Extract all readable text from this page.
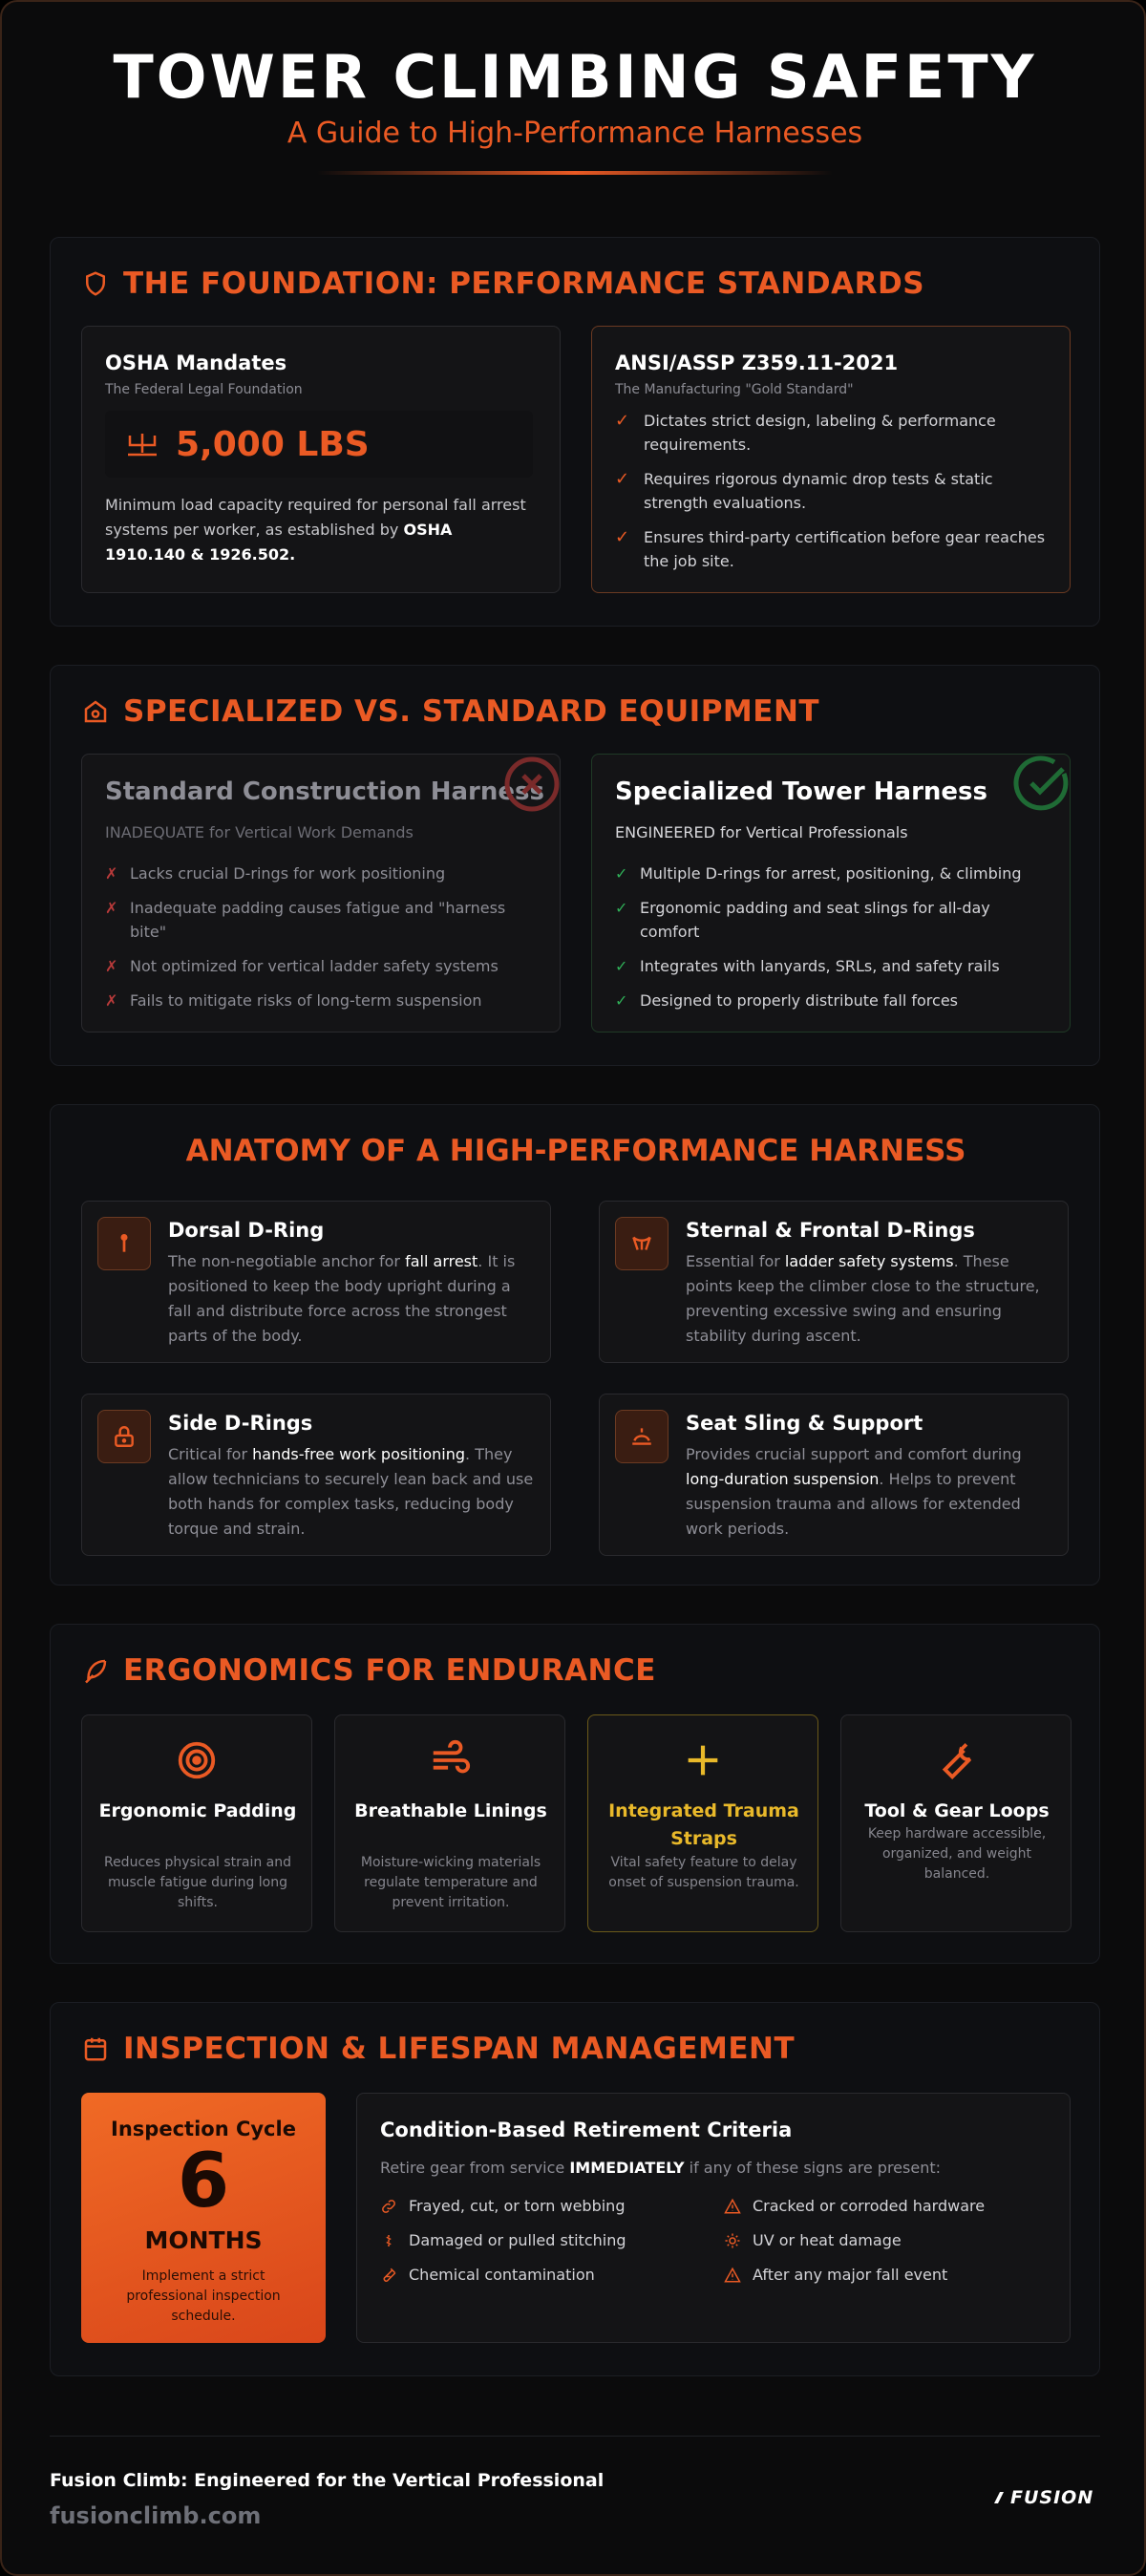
TOWER CLIMBING SAFETY
A Guide to High-Performance Harnesses
THE FOUNDATION: PERFORMANCE STANDARDS
OSHA Mandates
The Federal Legal Foundation
5,000 LBS
Minimum load capacity required for personal fall arrest systems per worker, as established by OSHA 1910.140 & 1926.502.
ANSI/ASSP Z359.11-2021
The Manufacturing "Gold Standard"
✓ Dictates strict design, labeling & performance requirements.
✓ Requires rigorous dynamic drop tests & static strength evaluations.
✓ Ensures third-party certification before gear reaches the job site.
SPECIALIZED VS. STANDARD EQUIPMENT
Standard Construction Harness
INADEQUATE for Vertical Work Demands
✗ Lacks crucial D-rings for work positioning
✗ Inadequate padding causes fatigue and "harness bite"
✗ Not optimized for vertical ladder safety systems
✗ Fails to mitigate risks of long-term suspension
Specialized Tower Harness
ENGINEERED for Vertical Professionals
✓ Multiple D-rings for arrest, positioning, & climbing
✓ Ergonomic padding and seat slings for all-day comfort
✓ Integrates with lanyards, SRLs, and safety rails
✓ Designed to properly distribute fall forces
ANATOMY OF A HIGH-PERFORMANCE HARNESS
Dorsal D-Ring

The non-negotiable anchor for fall arrest. It is positioned to keep the body upright during a fall and distribute force across the strongest parts of the body.

Sternal & Frontal D-Rings

Essential for ladder safety systems. These points keep the climber close to the structure, preventing excessive swing and ensuring stability during ascent.

Side D-Rings

Critical for hands-free work positioning. They allow technicians to securely lean back and use both hands for complex tasks, reducing body torque and strain.

Seat Sling & Support

Provides crucial support and comfort during long-duration suspension. Helps to prevent suspension trauma and allows for extended work periods.

ERGONOMICS FOR ENDURANCE
Ergonomic Padding

Reduces physical strain and muscle fatigue during long shifts.

Breathable Linings

Moisture-wicking materials regulate temperature and prevent irritation.

Integrated Trauma Straps

Vital safety feature to delay onset of suspension trauma.

Tool & Gear Loops

Keep hardware accessible, organized, and weight balanced.

INSPECTION & LIFESPAN MANAGEMENT
Inspection Cycle
6
MONTHS
Implement a strict professional inspection schedule.
Condition-Based Retirement Criteria
Retire gear from service IMMEDIATELY if any of these signs are present:
Frayed, cut, or torn webbing
Damaged or pulled stitching
Chemical contamination
Cracked or corroded hardware
UV or heat damage
After any major fall event
Fusion Climb: Engineered for the Vertical Professional
fusionclimb.com
FUSION
